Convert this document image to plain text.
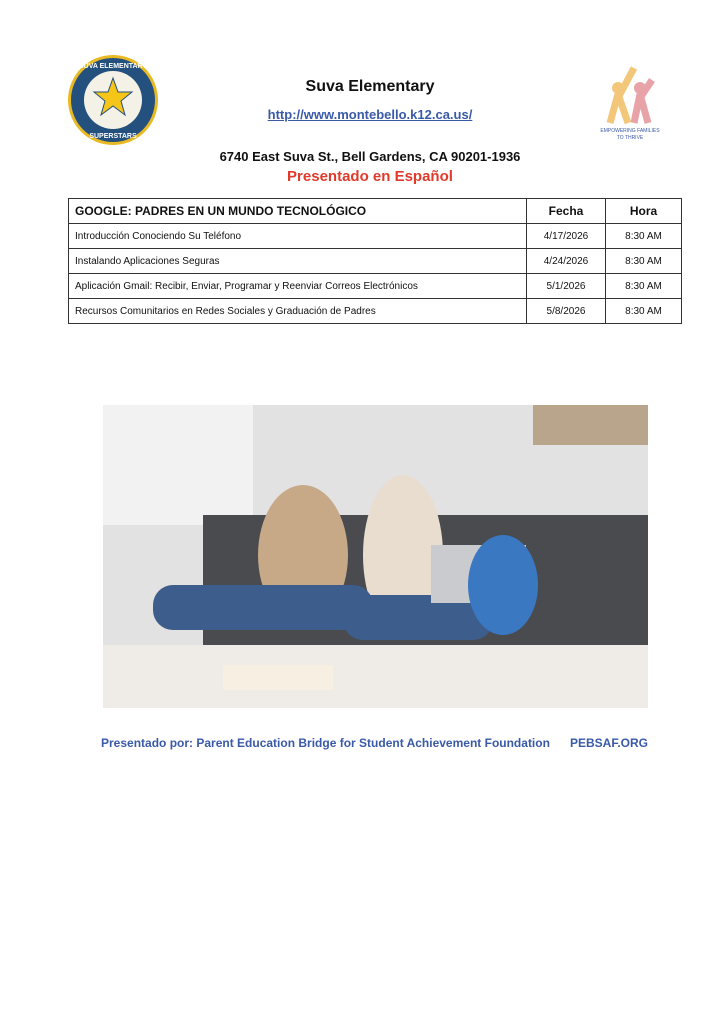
SUVA ELEMENTARY
SUPERSTARS
EMPOWERING FAMILIES
TO THRIVE
Suva Elementary
http://www.montebello.k12.ca.us/
6740 East Suva St., Bell Gardens, CA 90201-1936
Presentado en Español
GOOGLE: PADRES EN UN MUNDO TECNOLÓGICO	Fecha	Hora
Introducción Conociendo Su Teléfono	4/17/2026	8:30 AM
Instalando Aplicaciones Seguras	4/24/2026	8:30 AM
Aplicación Gmail: Recibir, Enviar, Programar y Reenviar Correos Electrónicos	5/1/2026	8:30 AM
Recursos Comunitarios en Redes Sociales y Graduación de Padres	5/8/2026	8:30 AM
Presentado por: Parent Education Bridge for Student Achievement Foundation PEBSAF.ORG
